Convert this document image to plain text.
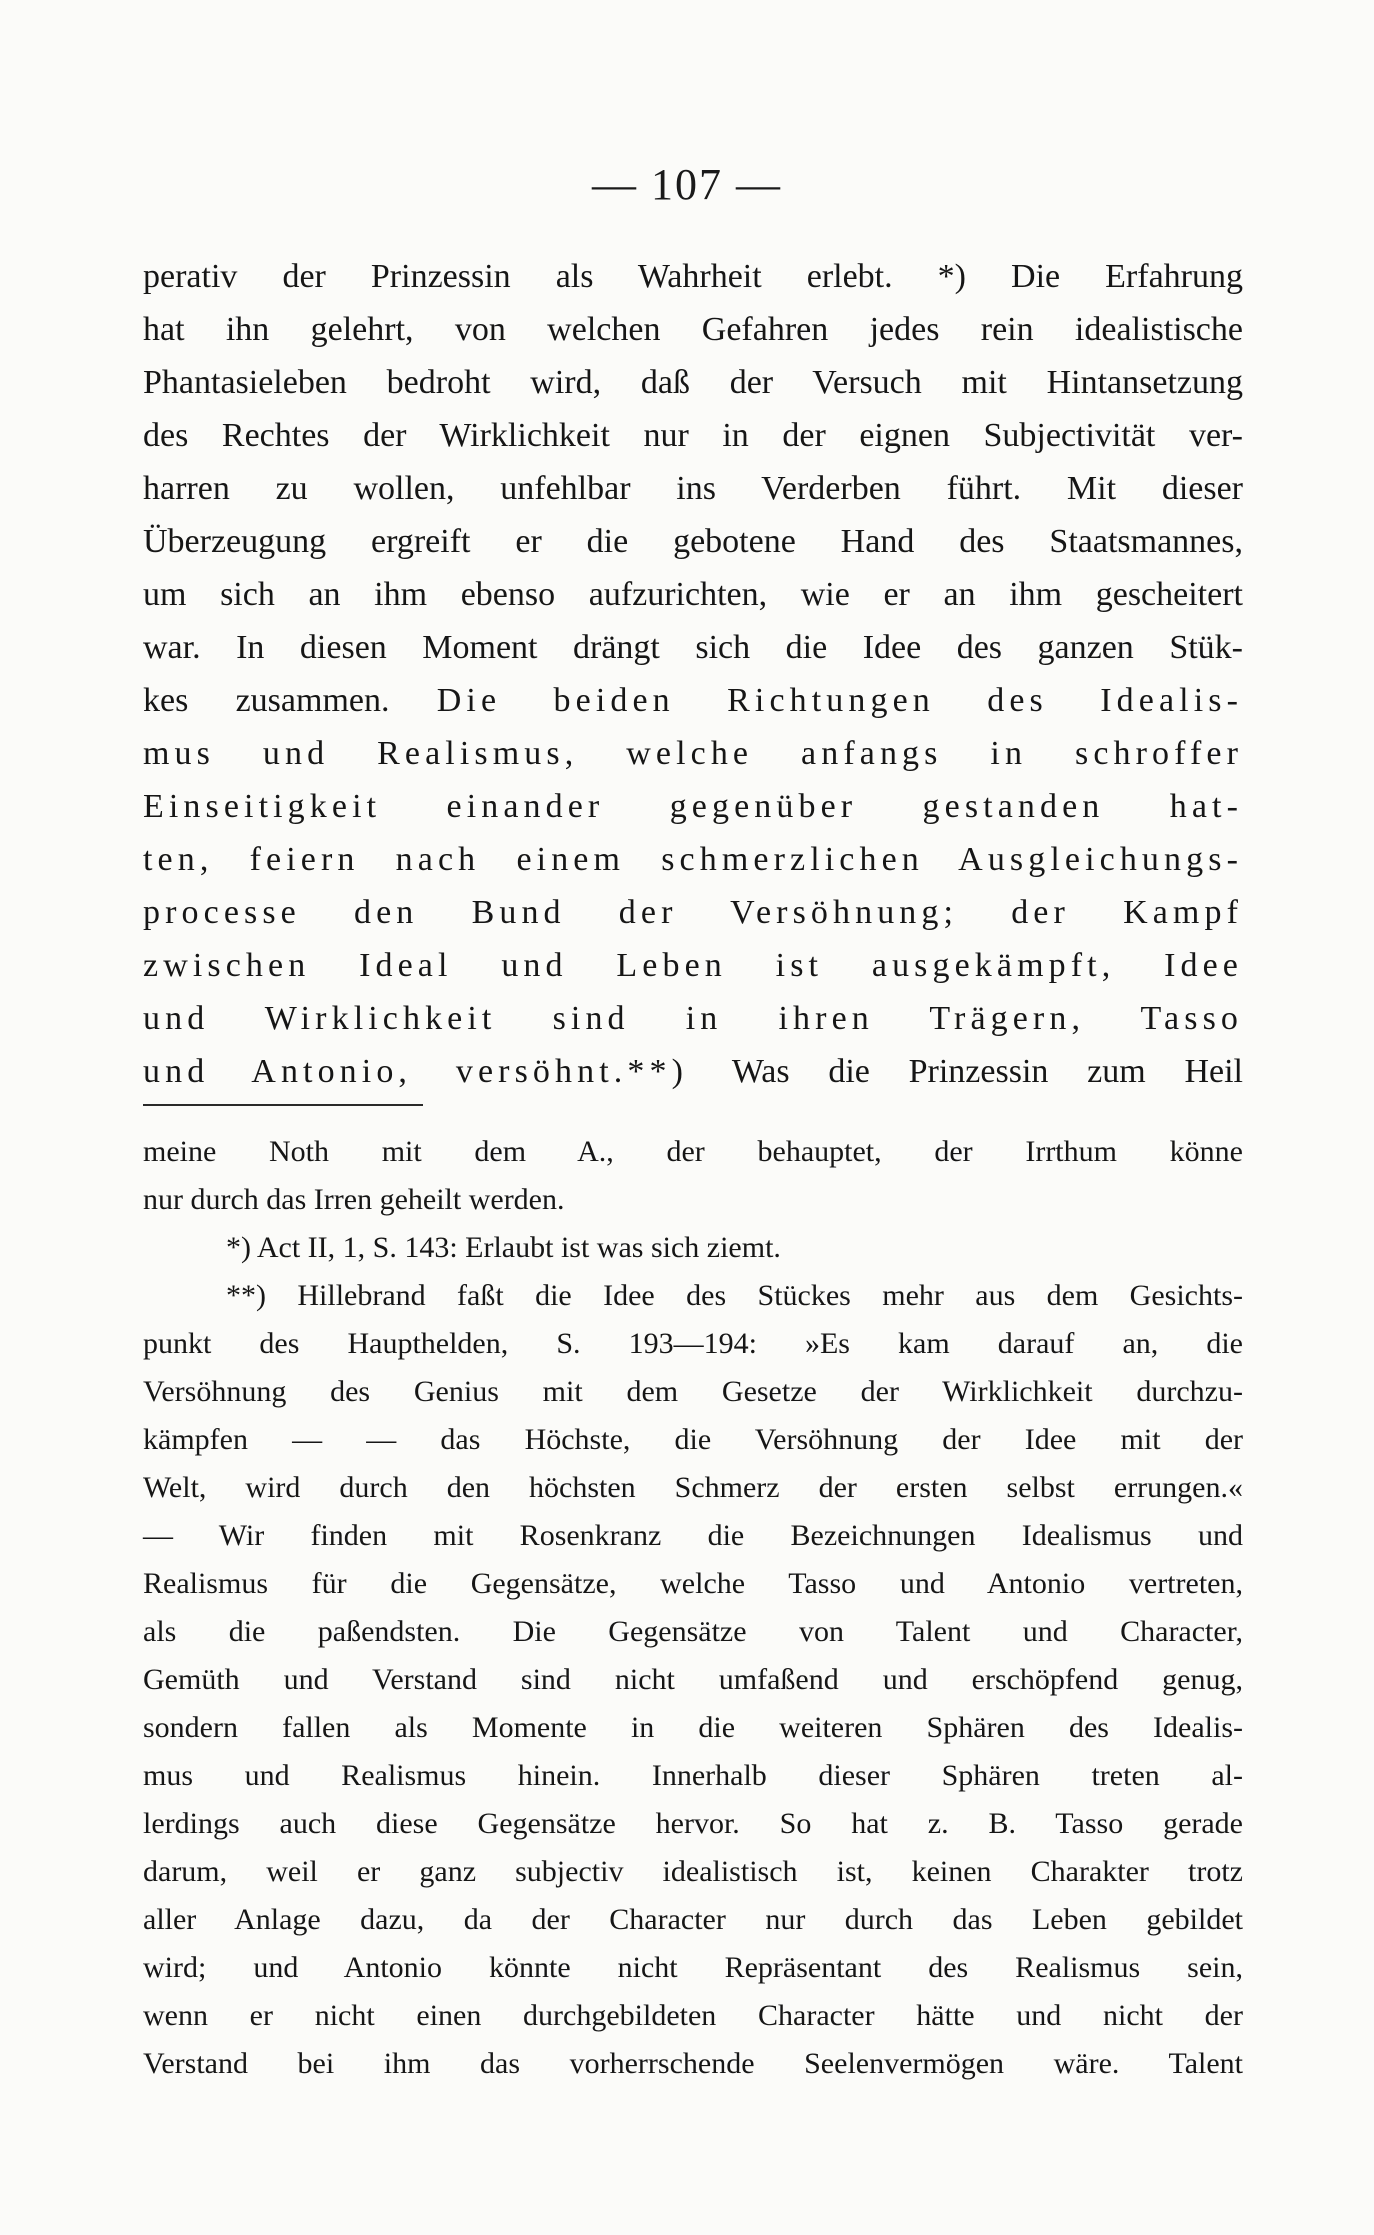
— 107 —
perativ der Prinzessin als Wahrheit erlebt. *) Die Erfahrung
hat ihn gelehrt, von welchen Gefahren jedes rein idealistische
Phantasieleben bedroht wird, daß der Versuch mit Hintansetzung
des Rechtes der Wirklichkeit nur in der eignen Subjectivität ver-
harren zu wollen, unfehlbar ins Verderben führt. Mit dieser
Überzeugung ergreift er die gebotene Hand des Staatsmannes,
um sich an ihm ebenso aufzurichten, wie er an ihm gescheitert
war. In diesen Moment drängt sich die Idee des ganzen Stük-
kes zusammen. Die beiden Richtungen des Idealis-
mus und Realismus, welche anfangs in schroffer
Einseitigkeit einander gegenüber gestanden hat-
ten, feiern nach einem schmerzlichen Ausgleichungs-
processe den Bund der Versöhnung; der Kampf
zwischen Ideal und Leben ist ausgekämpft, Idee
und Wirklichkeit sind in ihren Trägern, Tasso
und Antonio, versöhnt.**) Was die Prinzessin zum Heil
meine Noth mit dem A., der behauptet, der Irrthum könne
nur durch das Irren geheilt werden.
*) Act II, 1, S. 143: Erlaubt ist was sich ziemt.
**) Hillebrand faßt die Idee des Stückes mehr aus dem Gesichts-
punkt des Haupthelden, S. 193—194: »Es kam darauf an, die
Versöhnung des Genius mit dem Gesetze der Wirklichkeit durchzu-
kämpfen — — das Höchste, die Versöhnung der Idee mit der
Welt, wird durch den höchsten Schmerz der ersten selbst errungen.«
— Wir finden mit Rosenkranz die Bezeichnungen Idealismus und
Realismus für die Gegensätze, welche Tasso und Antonio vertreten,
als die paßendsten. Die Gegensätze von Talent und Character,
Gemüth und Verstand sind nicht umfaßend und erschöpfend genug,
sondern fallen als Momente in die weiteren Sphären des Idealis-
mus und Realismus hinein. Innerhalb dieser Sphären treten al-
lerdings auch diese Gegensätze hervor. So hat z. B. Tasso gerade
darum, weil er ganz subjectiv idealistisch ist, keinen Charakter trotz
aller Anlage dazu, da der Character nur durch das Leben gebildet
wird; und Antonio könnte nicht Repräsentant des Realismus sein,
wenn er nicht einen durchgebildeten Character hätte und nicht der
Verstand bei ihm das vorherrschende Seelenvermögen wäre. Talent
